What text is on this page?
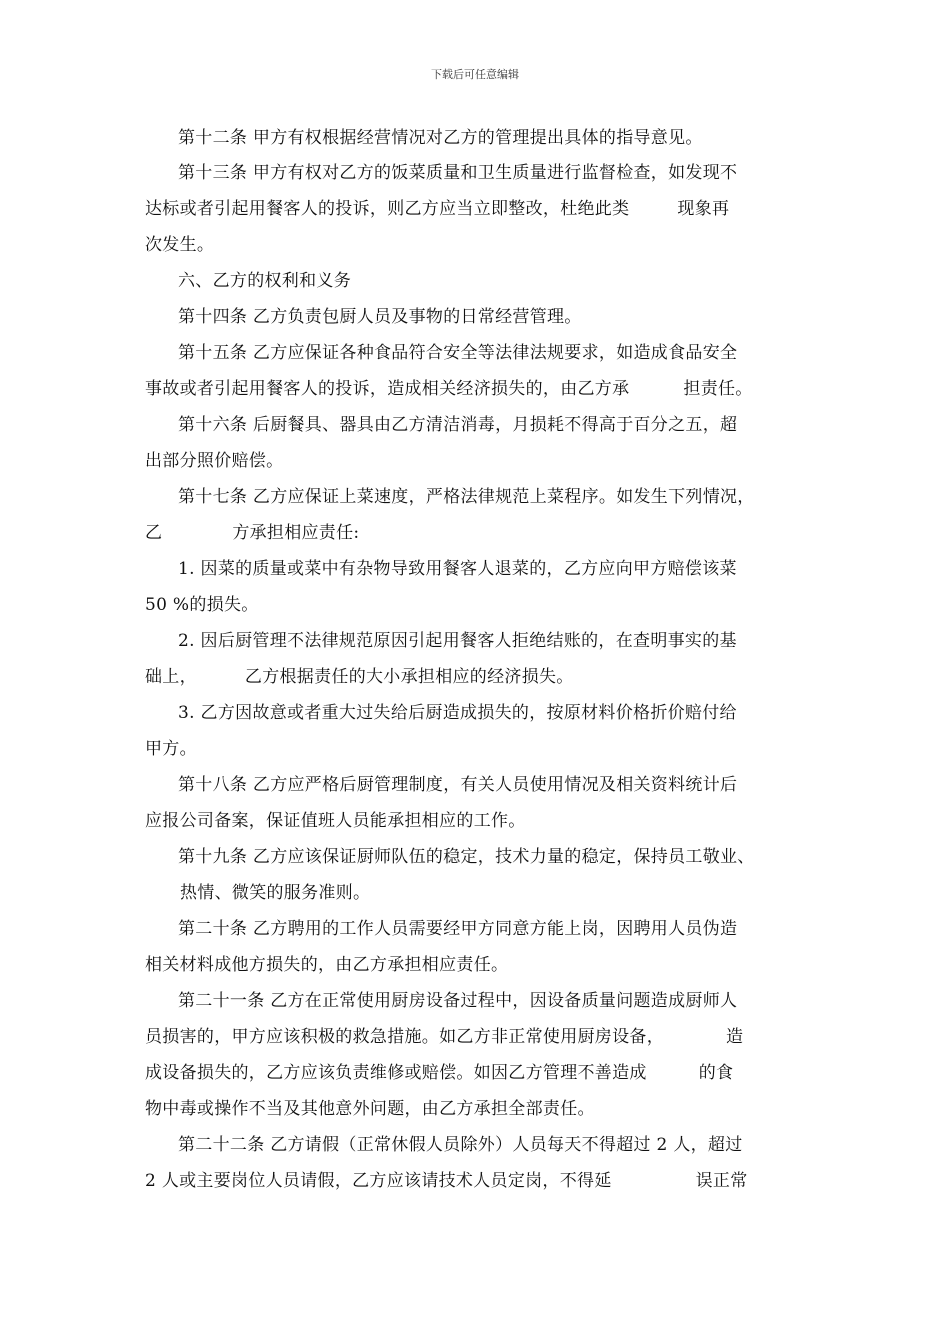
下载后可任意编辑
第十二条 甲方有权根据经营情况对乙方的管理提出具体的指导意见。
第十三条 甲方有权对乙方的饭菜质量和卫生质量进行监督检查，如发现不
达标或者引起用餐客人的投诉，则乙方应当立即整改，杜绝此类	现象再
次发生。
六、乙方的权利和义务
第十四条 乙方负责包厨人员及事物的日常经营管理。
第十五条 乙方应保证各种食品符合安全等法律法规要求，如造成食品安全
事故或者引起用餐客人的投诉，造成相关经济损失的，由乙方承	担责任。
第十六条 后厨餐具、器具由乙方清洁消毒，月损耗不得高于百分之五，超
出部分照价赔偿。
第十七条 乙方应保证上菜速度，严格法律规范上菜程序。如发生下列情况，
乙	方承担相应责任:
1. 因菜的质量或菜中有杂物导致用餐客人退菜的，乙方应向甲方赔偿该菜
50 %的损失。
2. 因后厨管理不法律规范原因引起用餐客人拒绝结账的，在查明事实的基
础上，	乙方根据责任的大小承担相应的经济损失。
3. 乙方因故意或者重大过失给后厨造成损失的，按原材料价格折价赔付给
甲方。
第十八条 乙方应严格后厨管理制度，有关人员使用情况及相关资料统计后
应报公司备案，保证值班人员能承担相应的工作。
第十九条 乙方应该保证厨师队伍的稳定，技术力量的稳定，保持员工敬业、
热情、微笑的服务准则。
第二十条 乙方聘用的工作人员需要经甲方同意方能上岗，因聘用人员伪造
相关材料成他方损失的，由乙方承担相应责任。
第二十一条 乙方在正常使用厨房设备过程中，因设备质量问题造成厨师人
员损害的，甲方应该积极的救急措施。如乙方非正常使用厨房设备，	造
成设备损失的，乙方应该负责维修或赔偿。如因乙方管理不善造成	的食
物中毒或操作不当及其他意外问题，由乙方承担全部责任。
第二十二条 乙方请假（正常休假人员除外）人员每天不得超过 2 人，超过
2 人或主要岗位人员请假，乙方应该请技术人员定岗，不得延	误正常
